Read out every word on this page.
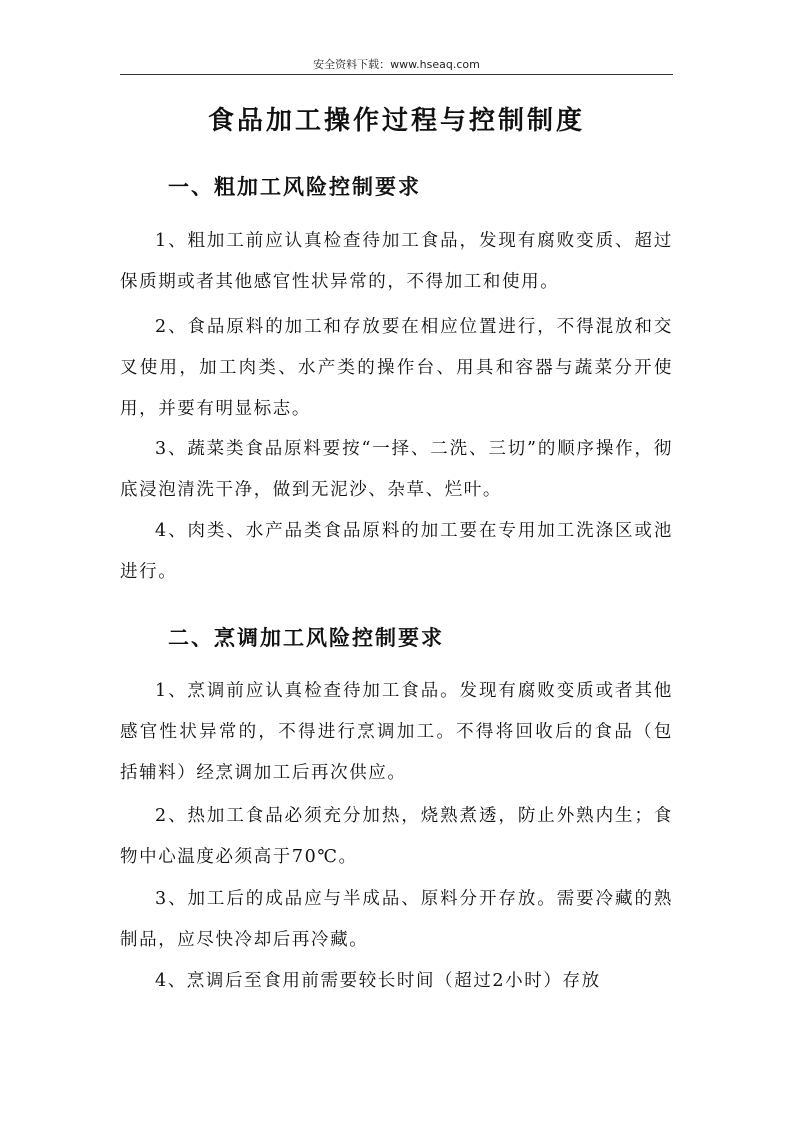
安全资料下载：www.hseaq.com
食品加工操作过程与控制制度
一、粗加工风险控制要求
1、粗加工前应认真检查待加工食品，发现有腐败变质、超过保质期或者其他感官性状异常的，不得加工和使用。
2、食品原料的加工和存放要在相应位置进行，不得混放和交叉使用，加工肉类、水产类的操作台、用具和容器与蔬菜分开使用，并要有明显标志。
3、蔬菜类食品原料要按“一择、二洗、三切”的顺序操作，彻底浸泡清洗干净，做到无泥沙、杂草、烂叶。
4、肉类、水产品类食品原料的加工要在专用加工洗涤区或池进行。
二、烹调加工风险控制要求
1、烹调前应认真检查待加工食品。发现有腐败变质或者其他感官性状异常的，不得进行烹调加工。不得将回收后的食品（包括辅料）经烹调加工后再次供应。
2、热加工食品必须充分加热，烧熟煮透，防止外熟内生；食物中心温度必须高于70℃。
3、加工后的成品应与半成品、原料分开存放。需要冷藏的熟制品，应尽快冷却后再冷藏。
4、烹调后至食用前需要较长时间（超过2小时）存放
